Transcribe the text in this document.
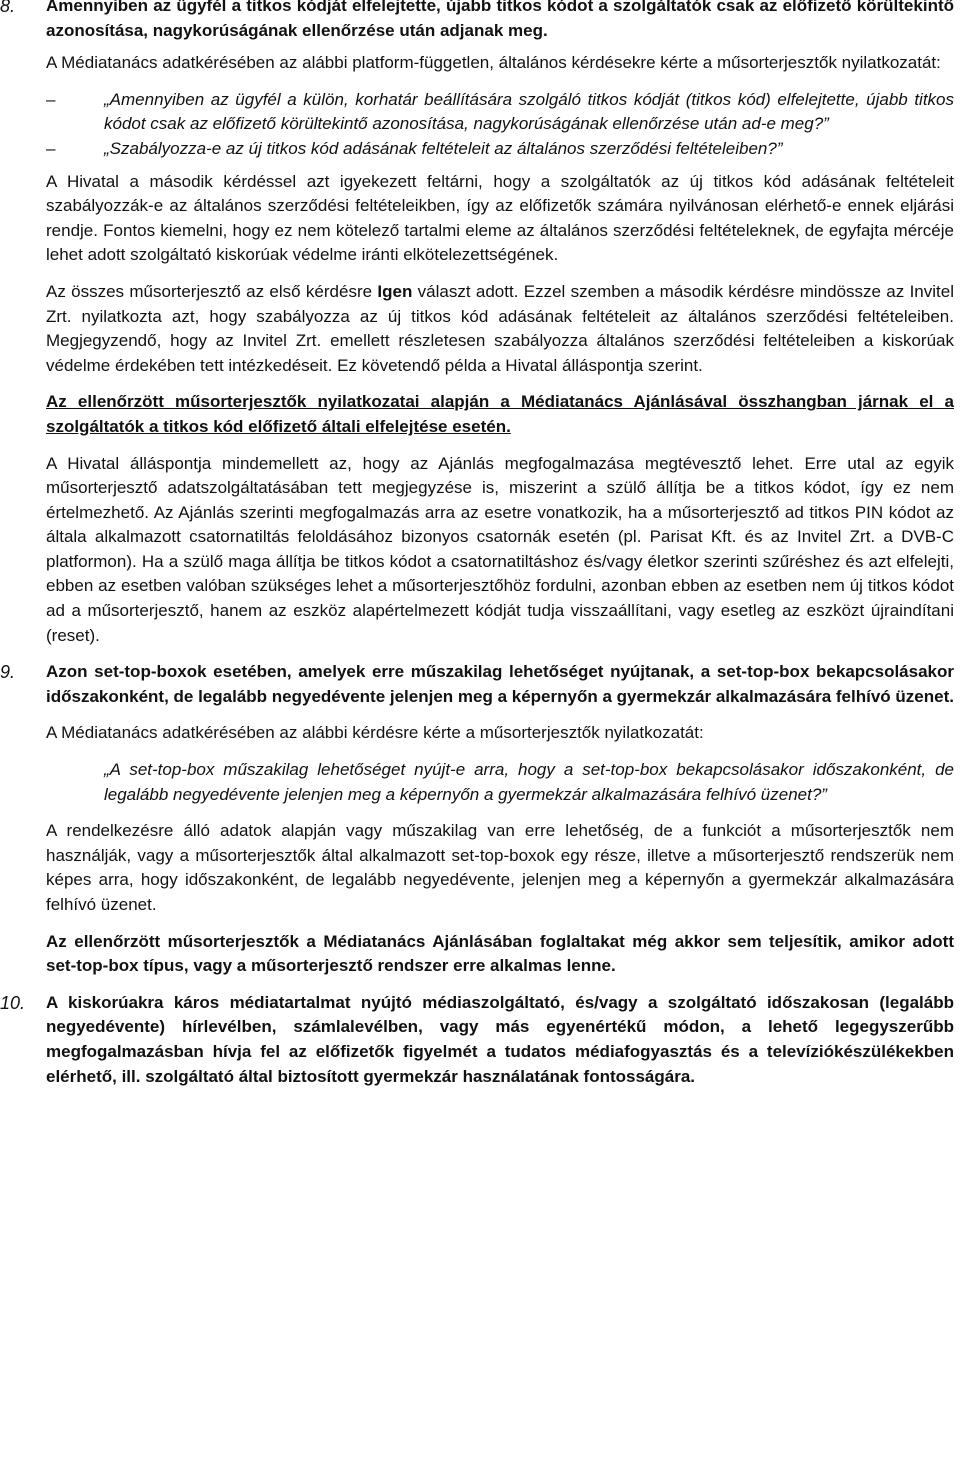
8. Amennyiben az ügyfél a titkos kódját elfelejtette, újabb titkos kódot a szolgáltatók csak az előfizető körültekintő azonosítása, nagykorúságának ellenőrzése után adjanak meg.

A Médiatanács adatkérésében az alábbi platform-független, általános kérdésekre kérte a műsorterjesztők nyilatkozatát:

–	„Amennyiben az ügyfél a külön, korhatár beállítására szolgáló titkos kódját (titkos kód) elfelejtette, újabb titkos kódot csak az előfizető körültekintő azonosítása, nagykorúságának ellenőrzése után ad-e meg?”
–	„Szabályozza-e az új titkos kód adásának feltételeit az általános szerződési feltételeiben?”

A Hivatal a második kérdéssel azt igyekezett feltárni, hogy a szolgáltatók az új titkos kód adásának feltételeit szabályozzák-e az általános szerződési feltételeikben, így az előfizetők számára nyilvánosan elérhető-e ennek eljárási rendje. Fontos kiemelni, hogy ez nem kötelező tartalmi eleme az általános szerződési feltételeknek, de egyfajta mércéje lehet adott szolgáltató kiskorúak védelme iránti elkötelezettségének.

Az összes műsorterjesztő az első kérdésre Igen választ adott. Ezzel szemben a második kérdésre mindössze az Invitel Zrt. nyilatkozta azt, hogy szabályozza az új titkos kód adásának feltételeit az általános szerződési feltételeiben. Megjegyzendő, hogy az Invitel Zrt. emellett részletesen szabályozza általános szerződési feltételeiben a kiskorúak védelme érdekében tett intézkedéseit. Ez követendő példa a Hivatal álláspontja szerint.

Az ellenőrzött műsorterjesztők nyilatkozatai alapján a Médiatanács Ajánlásával összhangban járnak el a szolgáltatók a titkos kód előfizető általi elfelejtése esetén.

A Hivatal álláspontja mindemellett az, hogy az Ajánlás megfogalmazása megtévesztő lehet. Erre utal az egyik műsorterjesztő adatszolgáltatásában tett megjegyzése is, miszerint a szülő állítja be a titkos kódot, így ez nem értelmezhető. Az Ajánlás szerinti megfogalmazás arra az esetre vonatkozik, ha a műsorterjesztő ad titkos PIN kódot az általa alkalmazott csatornatiltás feloldásához bizonyos csatornák esetén (pl. Parisat Kft. és az Invitel Zrt. a DVB-C platformon). Ha a szülő maga állítja be titkos kódot a csatornatiltáshoz és/vagy életkor szerinti szűréshez és azt elfelejti, ebben az esetben valóban szükséges lehet a műsorterjesztőhöz fordulni, azonban ebben az esetben nem új titkos kódot ad a műsorterjesztő, hanem az eszköz alapértelmezett kódját tudja visszaállítani, vagy esetleg az eszközt újraindítani (reset).

9. Azon set-top-boxok esetében, amelyek erre műszakilag lehetőséget nyújtanak, a set-top-box bekapcsolásakor időszakonként, de legalább negyedévente jelenjen meg a képernyőn a gyermekzár alkalmazására felhívó üzenet.

A Médiatanács adatkérésében az alábbi kérdésre kérte a műsorterjesztők nyilatkozatát:

„A set-top-box műszakilag lehetőséget nyújt-e arra, hogy a set-top-box bekapcsolásakor időszakonként, de legalább negyedévente jelenjen meg a képernyőn a gyermekzár alkalmazására felhívó üzenet?”

A rendelkezésre álló adatok alapján vagy műszakilag van erre lehetőség, de a funkciót a műsorterjesztők nem használják, vagy a műsorterjesztők által alkalmazott set-top-boxok egy része, illetve a műsorterjesztő rendszerük nem képes arra, hogy időszakonként, de legalább negyedévente, jelenjen meg a képernyőn a gyermekzár alkalmazására felhívó üzenet.

Az ellenőrzött műsorterjesztők a Médiatanács Ajánlásában foglaltakat még akkor sem teljesítik, amikor adott set-top-box típus, vagy a műsorterjesztő rendszer erre alkalmas lenne.

10. A kiskorúakra káros médiatartalmat nyújtó médiaszolgáltató, és/vagy a szolgáltató időszakosan (legalább negyedévente) hírlevélben, számlalevélben, vagy más egyenértékű módon, a lehető legegyszerűbb megfogalmazásban hívja fel az előfizetők figyelmét a tudatos médiafogyasztás és a televíziókészülékekben elérhető, ill. szolgáltató által biztosított gyermekzár használatának fontosságára.
